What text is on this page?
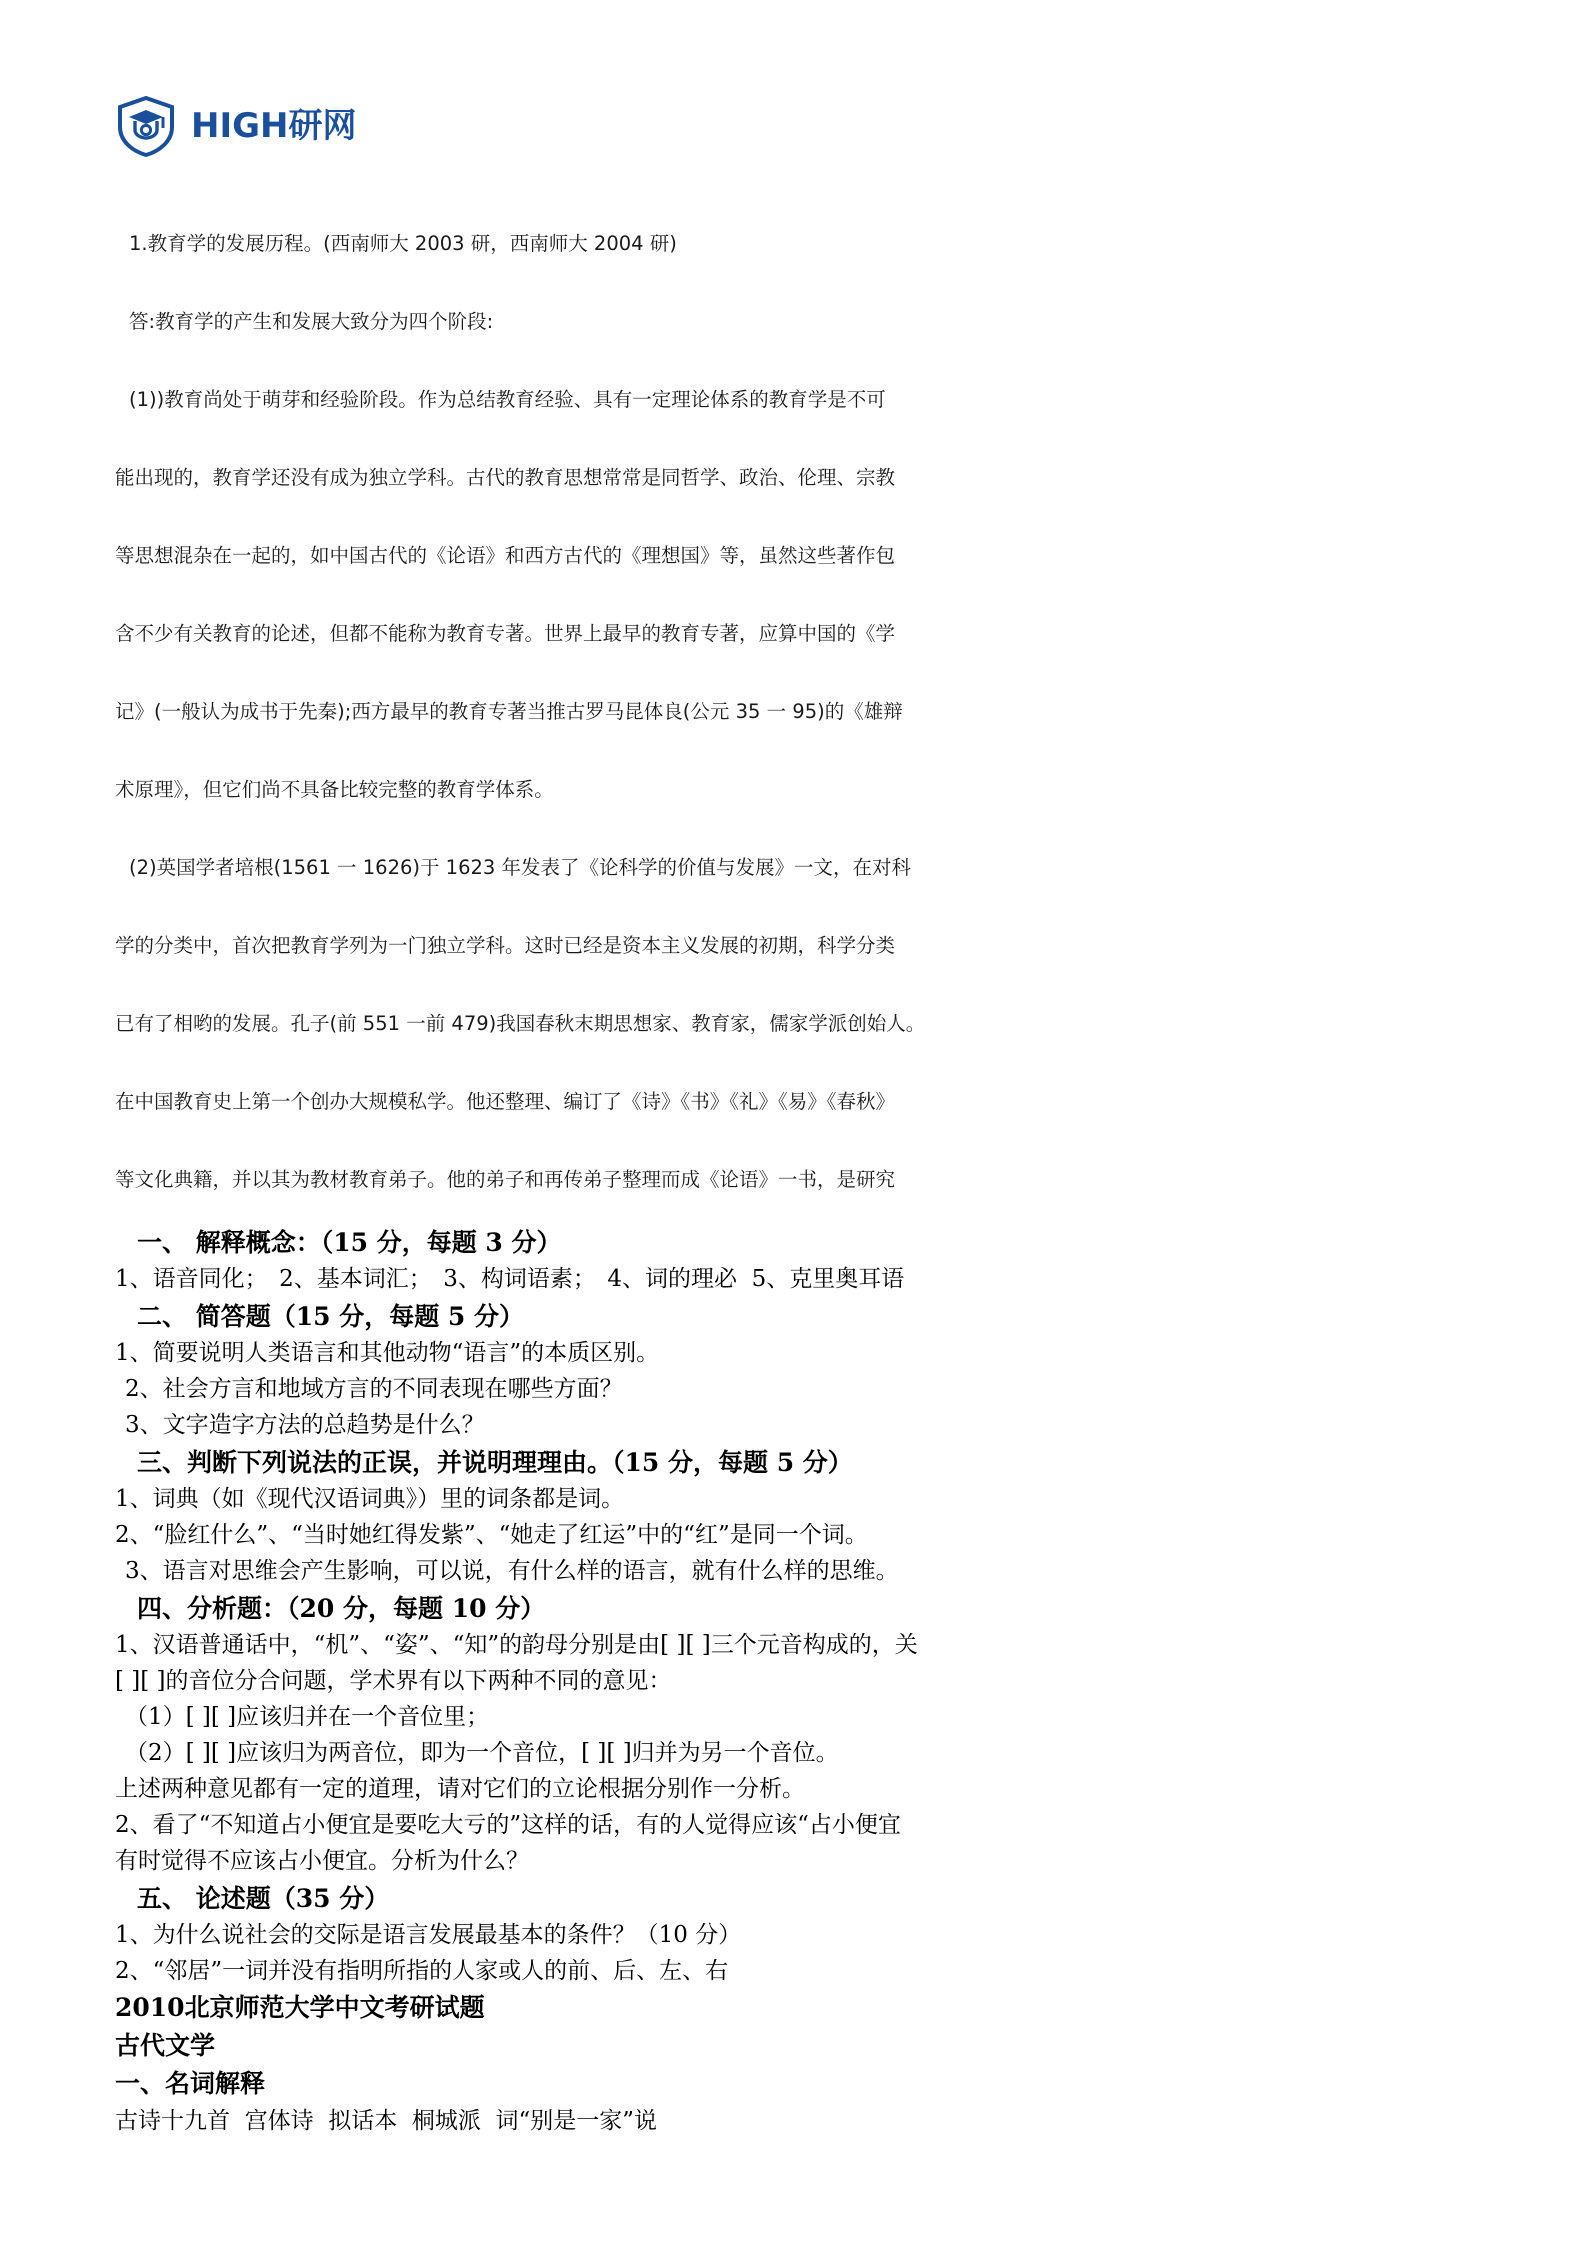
HIGH研网

1.教育学的发展历程。(西南师大 2003 研，西南师大 2004 研)

答:教育学的产生和发展大致分为四个阶段:

(1))教育尚处于萌芽和经验阶段。作为总结教育经验、具有一定理论体系的教育学是不可

能出现的，教育学还没有成为独立学科。古代的教育思想常常是同哲学、政治、伦理、宗教

等思想混杂在一起的，如中国古代的《论语》和西方古代的《理想国》等，虽然这些著作包

含不少有关教育的论述，但都不能称为教育专著。世界上最早的教育专著，应算中国的《学

记》(一般认为成书于先秦);西方最早的教育专著当推古罗马昆体良(公元 35 一 95)的《雄辩

术原理》，但它们尚不具备比较完整的教育学体系。

(2)英国学者培根(1561 一 1626)于 1623 年发表了《论科学的价值与发展》一文，在对科

学的分类中，首次把教育学列为一门独立学科。这时已经是资本主义发展的初期，科学分类

已有了相哟的发展。孔子(前 551 一前 479)我国春秋末期思想家、教育家，儒家学派创始人。

在中国教育史上第一个创办大规模私学。他还整理、编订了《诗》《书》《礼》《易》《春秋》

等文化典籍，并以其为教材教育弟子。他的弟子和再传弟子整理而成《论语》一书，是研究

一、 解释概念：（15 分，每题 3 分）

1、语音同化；　2、基本词汇；　3、构词语素；　4、词的理必  5、克里奥耳语

二、 简答题（15 分，每题 5 分）

1、简要说明人类语言和其他动物“语言”的本质区别。

2、社会方言和地域方言的不同表现在哪些方面？

3、文字造字方法的总趋势是什么？

三、判断下列说法的正误，并说明理理由。（15 分，每题 5 分）

1、词典（如《现代汉语词典》）里的词条都是词。

2、“脸红什么”、“当时她红得发紫”、“她走了红运”中的“红”是同一个词。

3、语言对思维会产生影响，可以说，有什么样的语言，就有什么样的思维。

四、分析题：（20 分，每题 10 分）

1、汉语普通话中，“机”、“姿”、“知”的韵母分别是由[ ][ ]三个元音构成的，关

[ ][ ]的音位分合问题，学术界有以下两种不同的意见：

（1）[ ][ ]应该归并在一个音位里；

（2）[ ][ ]应该归为两音位，即为一个音位，[ ][ ]归并为另一个音位。

上述两种意见都有一定的道理，请对它们的立论根据分别作一分析。

2、看了“不知道占小便宜是要吃大亏的”这样的话，有的人觉得应该“占小便宜

有时觉得不应该占小便宜。分析为什么？

五、 论述题（35 分）

1、为什么说社会的交际是语言发展最基本的条件？（10 分）

2、“邻居”一词并没有指明所指的人家或人的前、后、左、右

2010北京师范大学中文考研试题

古代文学

一、名词解释

古诗十九首  宫体诗  拟话本  桐城派  词“别是一家”说
